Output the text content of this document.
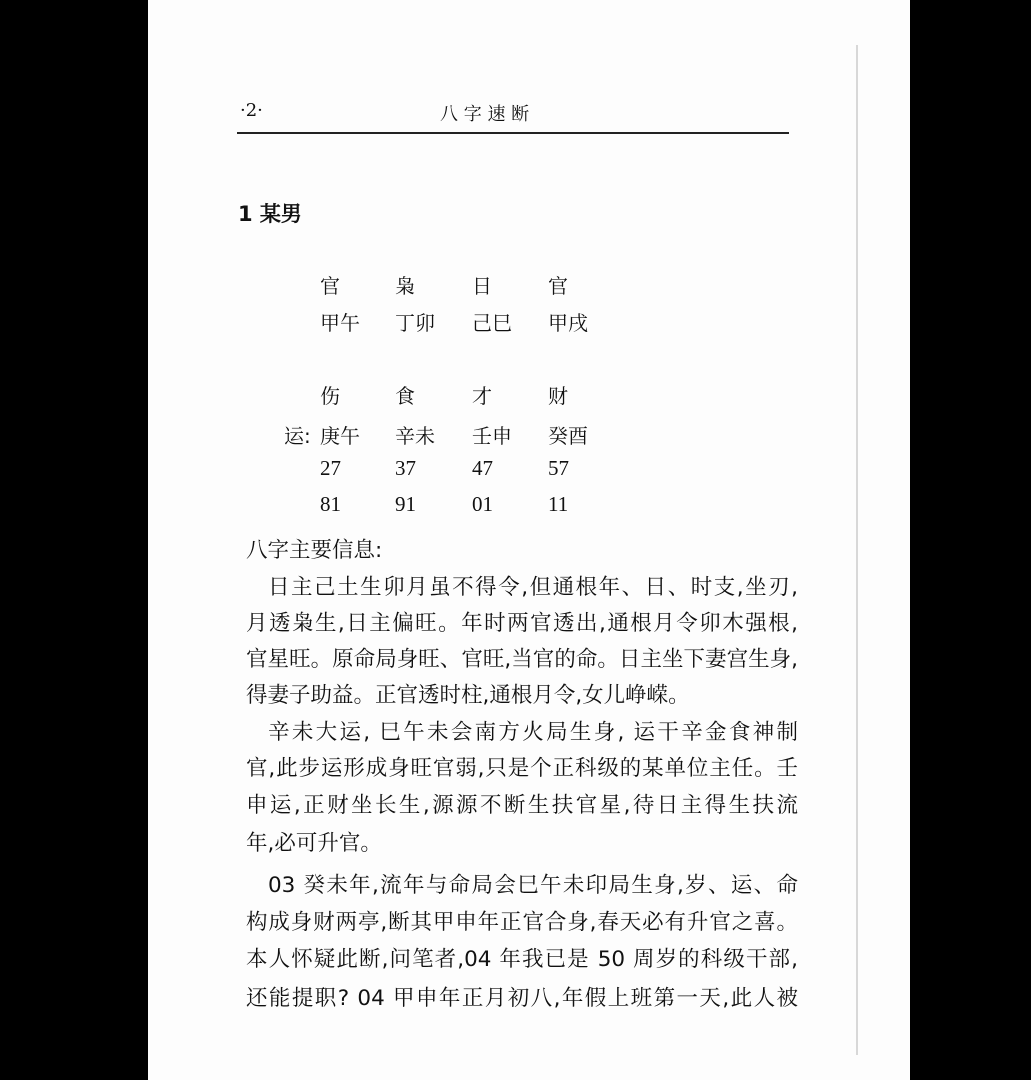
·2·	八 字 速 断
1 某男
官	枭	日	官
甲午 丁卯 己巳 甲戌
伤	食	才	财
运: 庚午 辛未 壬申 癸酉
27	37	47	57
81	91	01	11
八字主要信息:
日主己土生卯月虽不得令,但通根年、日、时支,坐刃,
月透枭生,日主偏旺。年时两官透出,通根月令卯木强根,
官星旺。原命局身旺、官旺,当官的命。日主坐下妻宫生身,
得妻子助益。正官透时柱,通根月令,女儿峥嵘。
辛未大运, 巳午未会南方火局生身, 运干辛金食神制
官,此步运形成身旺官弱,只是个正科级的某单位主任。壬
申运,正财坐长生,源源不断生扶官星,待日主得生扶流
年,必可升官。
03 癸未年,流年与命局会巳午未印局生身,岁、运、命
构成身财两亭,断其甲申年正官合身,春天必有升官之喜。
本人怀疑此断,问笔者,04 年我已是 50 周岁的科级干部,
还能提职? 04 甲申年正月初八,年假上班第一天,此人被
